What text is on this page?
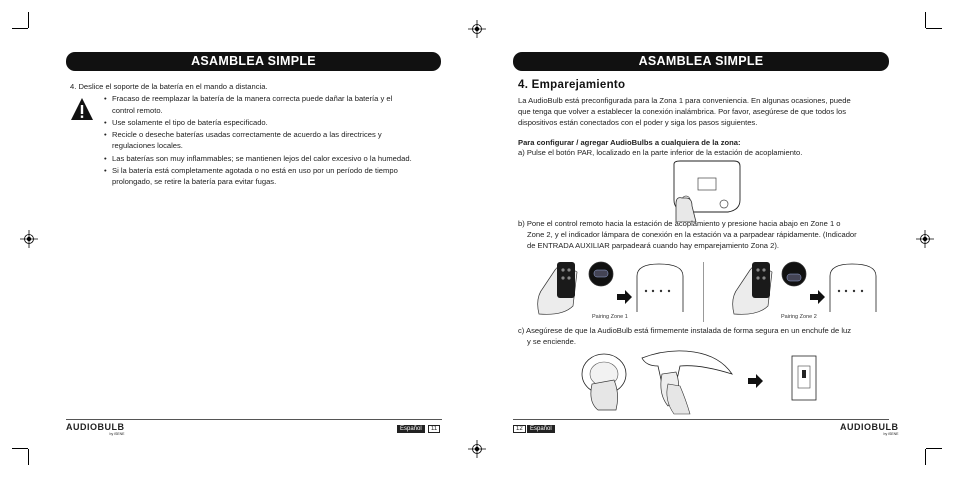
ASAMBLEA SIMPLE
4. Deslice el soporte de la batería en el mando a distancia.
• Fracaso de reemplazar la batería de la manera correcta puede dañar la batería y el
control remoto.
• Use solamente el tipo de batería especificado.
• Recicle o deseche baterías usadas correctamente de acuerdo a las directrices y
regulaciones locales.
• Las baterías son muy inflammables; se mantienen lejos del calor excesivo o la humedad.
• Si la batería está completamente agotada o no está en uso por un período de tiempo
prolongado, se retire la batería para evitar fugas.
AUDIOBULB
by iSENE
Español	11
ASAMBLEA SIMPLE
4. Emparejamiento
La AudioBulb está preconfigurada para la Zona 1 para conveniencia. En algunas ocasiones, puede
que tenga que volver a establecer la conexión inalámbrica. Por favor, asegúrese de que todos los
dispositivos están conectados con el poder y siga los pasos siguientes.
Para configurar / agregar AudioBulbs a cualquiera de la zona:
a) Pulse el botón PAR, localizado en la parte inferior de la estación de acoplamiento.
b) Pone el control remoto hacia la estación de acoplamiento y presione hacia abajo en Zone 1 o
Zone 2, y el indicador lámpara de conexión en la estación va a parpadear rápidamente. (Indicador
de ENTRADA AUXILIAR parpadeará cuando hay emparejamiento Zona 2).
Pairing Zone 1	Pairing Zone 2
c) Asegúrese de que la AudioBulb está firmemente instalada de forma segura en un enchufe de luz
y se enciende.
12	Español	AUDIOBULB
by iSENE
